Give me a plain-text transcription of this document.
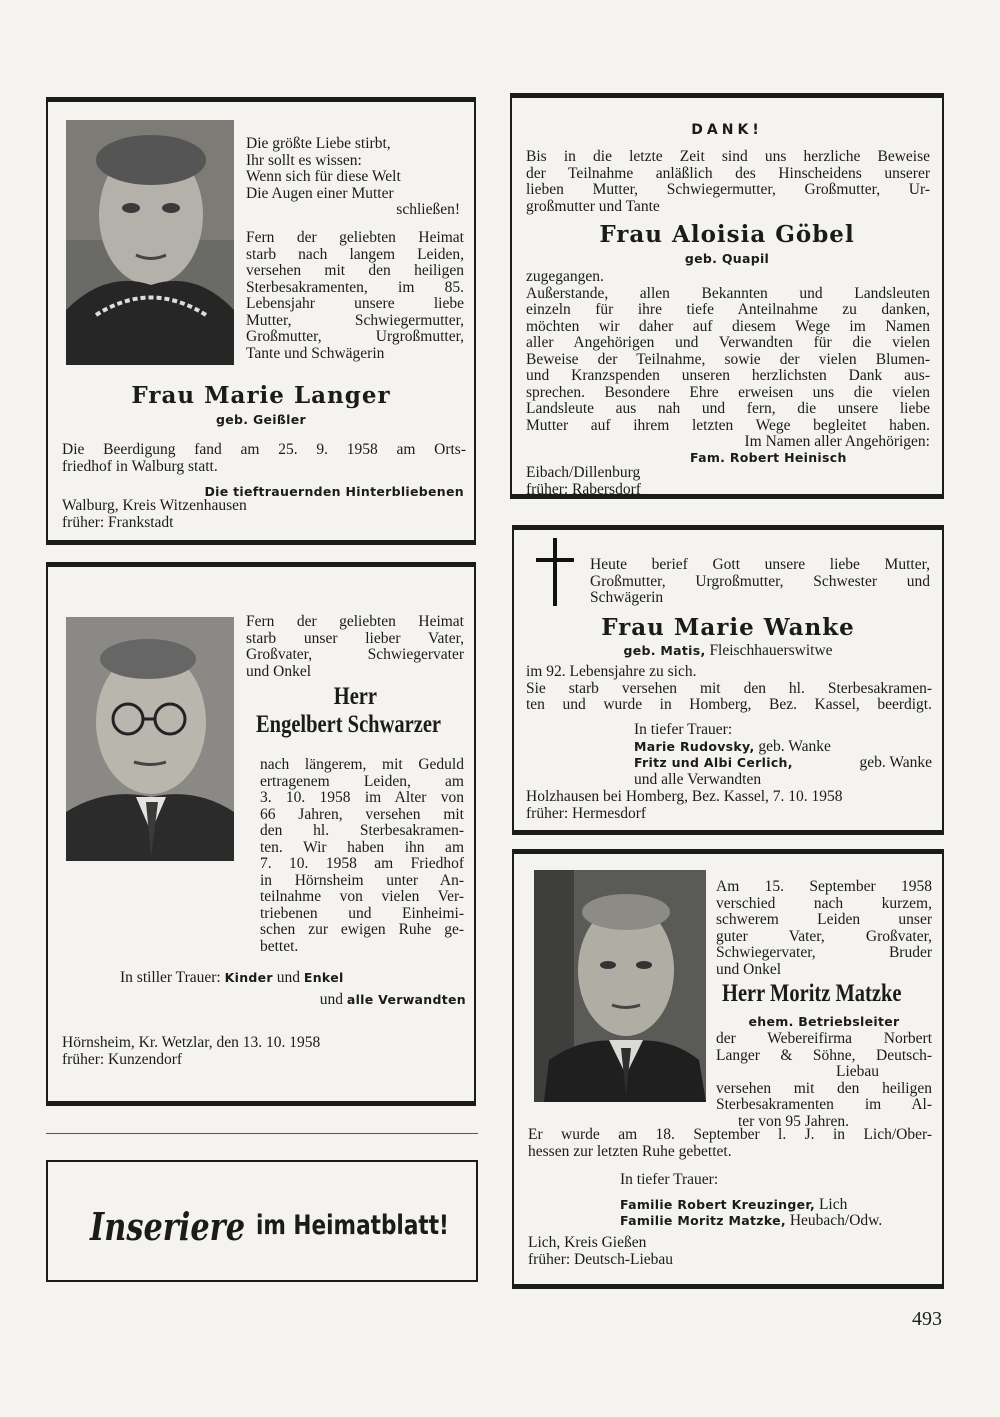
Die größte Liebe stirbt,
Ihr sollt es wissen:
Wenn sich für diese Welt
Die Augen einer Mutter
schließen!
Fern der geliebten Heimat
starb nach langem Leiden,
versehen mit den heiligen
Sterbesakramenten, im 85.
Lebensjahr unsere liebe
Mutter, Schwiegermutter,
Großmutter, Urgroßmutter,
Tante und Schwägerin
Frau Marie Langer
geb. Geißler
Die Beerdigung fand am 25. 9. 1958 am Orts-
friedhof in Walburg statt.
Die tieftrauernden Hinterbliebenen
Walburg, Kreis Witzenhausen
früher: Frankstadt
DANK!
Bis in die letzte Zeit sind uns herzliche Beweise
der Teilnahme anläßlich des Hinscheidens unserer
lieben Mutter, Schwiegermutter, Großmutter, Ur-
großmutter und Tante
Frau Aloisia Göbel
geb. Quapil
zugegangen.
Außerstande, allen Bekannten und Landsleuten
einzeln für ihre tiefe Anteilnahme zu danken,
möchten wir daher auf diesem Wege im Namen
aller Angehörigen und Verwandten für die vielen
Beweise der Teilnahme, sowie der vielen Blumen-
und Kranzspenden unseren herzlichsten Dank aus-
sprechen. Besondere Ehre erweisen uns die vielen
Landsleute aus nah und fern, die unsere liebe
Mutter auf ihrem letzten Wege begleitet haben.
Im Namen aller Angehörigen:
Fam. Robert Heinisch
Eibach/Dillenburg
früher: Rabersdorf
Fern der geliebten Heimat
starb unser lieber Vater,
Großvater, Schwiegervater
und Onkel
Herr
Engelbert Schwarzer
nach längerem, mit Geduld
ertragenem Leiden, am
3. 10. 1958 im Alter von
66 Jahren, versehen mit
den hl. Sterbesakramen-
ten. Wir haben ihn am
7. 10. 1958 am Friedhof
in Hörnsheim unter An-
teilnahme von vielen Ver-
triebenen und Einheimi-
schen zur ewigen Ruhe ge-
bettet.
In stiller Trauer: Kinder und Enkel
und alle Verwandten
Hörnsheim, Kr. Wetzlar, den 13. 10. 1958
früher: Kunzendorf
Heute berief Gott unsere liebe Mutter,
Großmutter, Urgroßmutter, Schwester und
Schwägerin
Frau Marie Wanke
geb. Matis, Fleischhauerswitwe
im 92. Lebensjahre zu sich.
Sie starb versehen mit den hl. Sterbesakramen-
ten und wurde in Homberg, Bez. Kassel, beerdigt.
In tiefer Trauer:
Marie Rudovsky, geb. Wanke
Fritz und Albi Cerlich,	geb. Wanke
und alle Verwandten
Holzhausen bei Homberg, Bez. Kassel, 7. 10. 1958
früher: Hermesdorf
Am 15. September 1958
verschied nach kurzem,
schwerem Leiden unser
guter Vater, Großvater,
Schwiegervater, Bruder
und Onkel
Herr Moritz Matzke
ehem. Betriebsleiter
der Webereifirma Norbert
Langer & Söhne, Deutsch-
Liebau
versehen mit den heiligen
Sterbesakramenten im Al-
ter von 95 Jahren.
Er wurde am 18. September l. J. in Lich/Ober-
hessen zur letzten Ruhe gebettet.
In tiefer Trauer:
Familie Robert Kreuzinger, Lich
Familie Moritz Matzke, Heubach/Odw.
Lich, Kreis Gießen
früher: Deutsch-Liebau
Inseriere im Heimatblatt!
493
